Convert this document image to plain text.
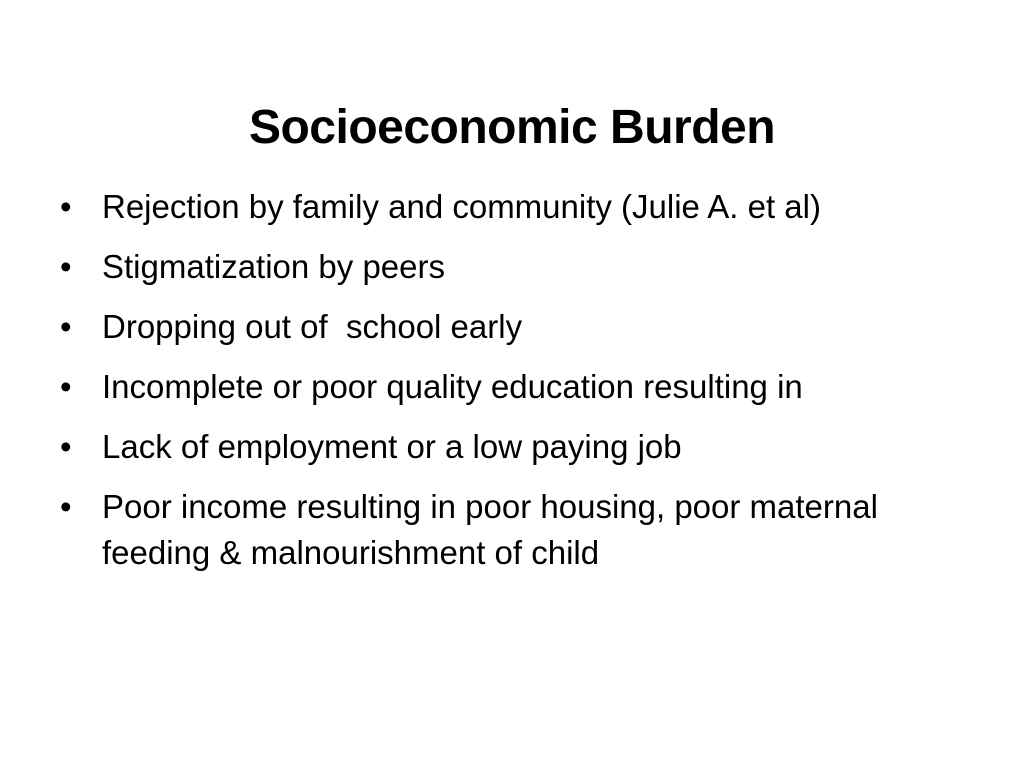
Socioeconomic Burden
• Rejection by family and community (Julie A. et al)
• Stigmatization by peers
• Dropping out of  school early
• Incomplete or poor quality education resulting in
• Lack of employment or a low paying job
• Poor income resulting in poor housing, poor maternal feeding & malnourishment of child
